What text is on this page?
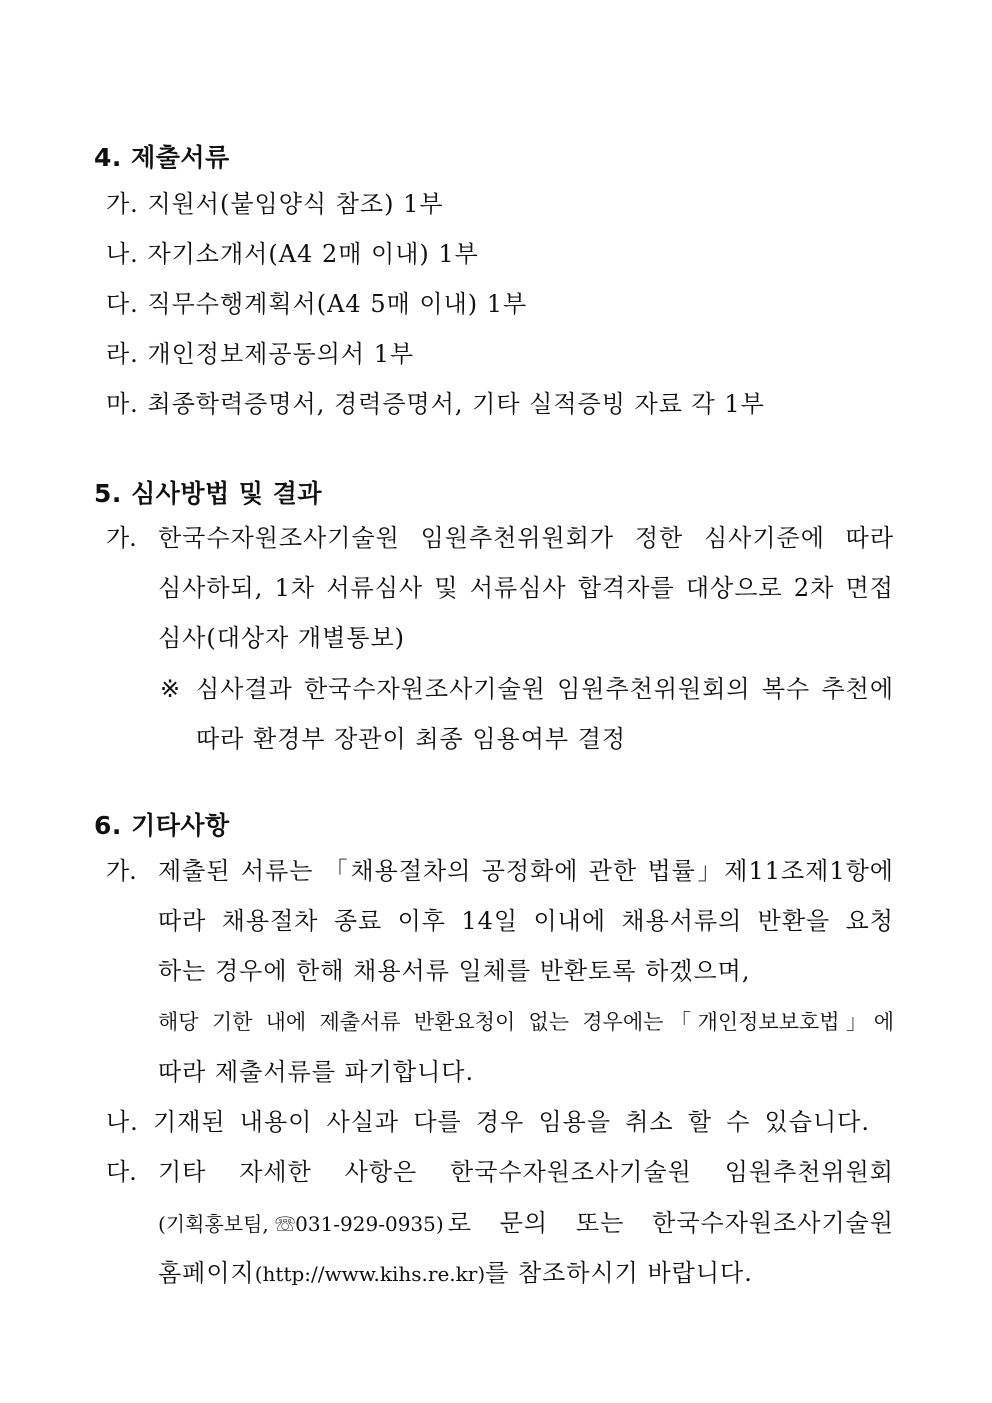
4. 제출서류
가. 지원서(붙임양식 참조) 1부
나. 자기소개서(A4 2매 이내) 1부
다. 직무수행계획서(A4 5매 이내) 1부
라. 개인정보제공동의서 1부
마. 최종학력증명서, 경력증명서, 기타 실적증빙 자료 각 1부
5. 심사방법 및 결과
가. 한국수자원조사기술원 임원추천위원회가 정한 심사기준에 따라
심사하되, 1차 서류심사 및 서류심사 합격자를 대상으로 2차 면접
심사(대상자 개별통보)
※ 심사결과 한국수자원조사기술원 임원추천위원회의 복수 추천에
따라 환경부 장관이 최종 임용여부 결정
6. 기타사항
가. 제출된 서류는 「채용절차의 공정화에 관한 법률」제11조제1항에
따라 채용절차 종료 이후 14일 이내에 채용서류의 반환을 요청
하는 경우에 한해 채용서류 일체를 반환토록 하겠으며,
해당 기한 내에 제출서류 반환요청이 없는 경우에는「개인정보보호법」에
따라 제출서류를 파기합니다.
나. 기재된 내용이 사실과 다를 경우 임용을 취소 할 수 있습니다.
다. 기타 자세한 사항은 한국수자원조사기술원 임원추천위원회
(기획홍보팀, ☏031-929-0935) 로 문의 또는 한국수자원조사기술원
홈페이지(http://www.kihs.re.kr)를 참조하시기 바랍니다.
